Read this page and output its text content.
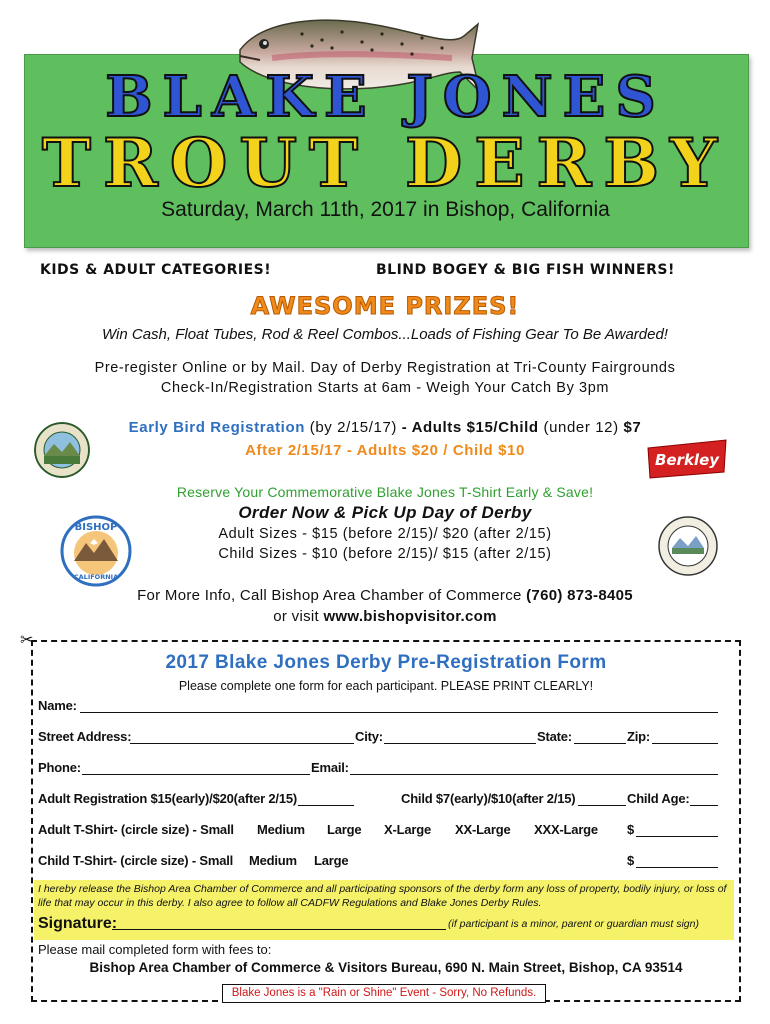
BLAKE JONES
TROUT DERBY
Saturday, March 11th, 2017 in Bishop, California
KIDS & ADULT CATEGORIES!	BLIND BOGEY & BIG FISH WINNERS!
AWESOME PRIZES!
Win Cash, Float Tubes, Rod & Reel Combos...Loads of Fishing Gear To Be Awarded!
Pre-register Online or by Mail. Day of Derby Registration at Tri-County Fairgrounds
Check-In/Registration Starts at 6am - Weigh Your Catch By 3pm
Early Bird Registration (by 2/15/17) - Adults $15/Child (under 12) $7
After 2/15/17 - Adults $20 / Child $10
Reserve Your Commemorative Blake Jones T-Shirt Early & Save!
Order Now & Pick Up Day of Derby
Adult Sizes - $15 (before 2/15)/ $20 (after 2/15)
Child Sizes - $10 (before 2/15)/ $15 (after 2/15)
For More Info, Call Bishop Area Chamber of Commerce (760) 873-8405
or visit www.bishopvisitor.com
Berkley
BISHOP
CALIFORNIA
✂
2017 Blake Jones Derby Pre-Registration Form
Please complete one form for each participant. PLEASE PRINT CLEARLY!
Name:
Street Address:	City:	State:	Zip:
Phone:	Email:
Adult Registration $15(early)/$20(after 2/15)	Child $7(early)/$10(after 2/15)	Child Age:
Adult T-Shirt- (circle size) - Small Medium Large X-Large XX-Large XXX-Large $
Child T-Shirt- (circle size) - Small Medium Large	$
I hereby release the Bishop Area Chamber of Commerce and all participating sponsors of the derby form any loss of property, bodily injury, or loss of life that may occur in this derby. I also agree to follow all CADFW Regulations and Blake Jones Derby Rules.
Signature:	(if participant is a minor, parent or guardian must sign)
Please mail completed form with fees to:
Bishop Area Chamber of Commerce & Visitors Bureau, 690 N. Main Street, Bishop, CA 93514
Blake Jones is a "Rain or Shine" Event - Sorry, No Refunds.
